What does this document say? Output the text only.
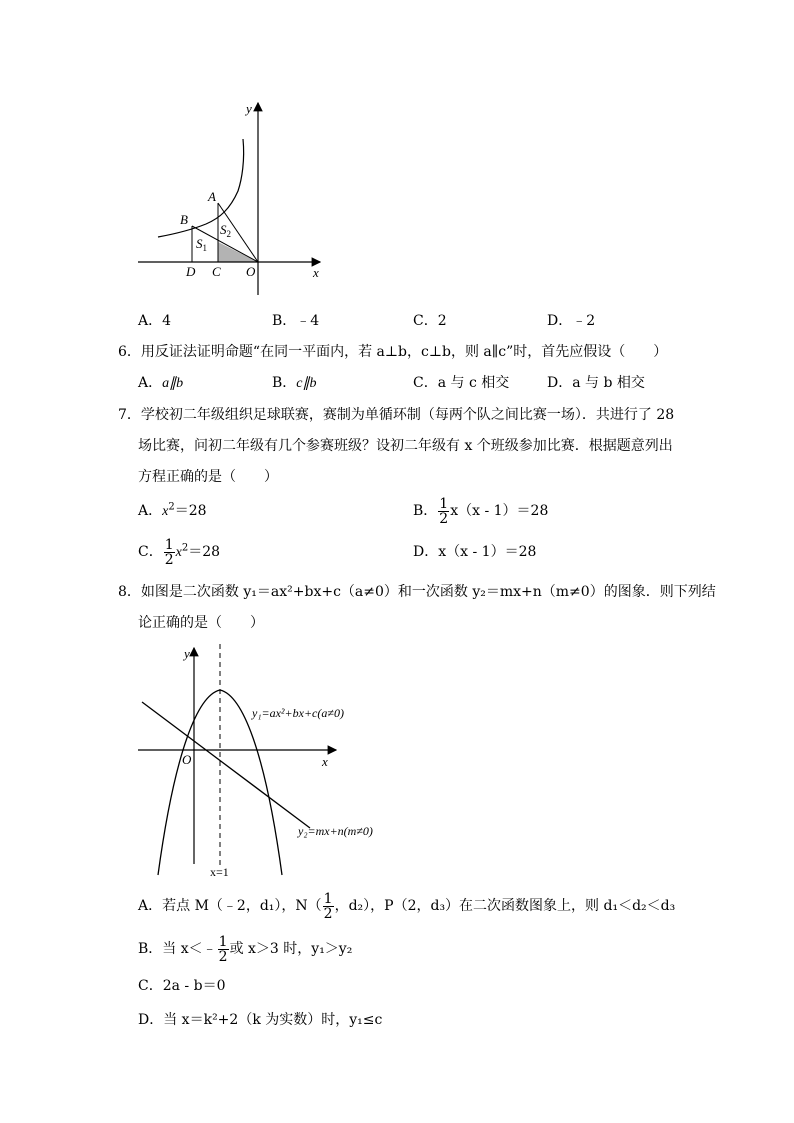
y
x
A
B
D C O
$S_1$
$S_2$
A．4	B．﹣4	C．2	D．﹣2
6．用反证法证明命题“在同一平面内，若 a⊥b，c⊥b，则 a∥c”时，首先应假设（　　）
A．a∥b	B．c∥b	C．a 与 c 相交	D．a 与 b 相交
7．学校初二年级组织足球联赛，赛制为单循环制（每两个队之间比赛一场）．共进行了 28
场比赛，问初二年级有几个参赛班级？设初二年级有 x 个班级参加比赛．根据题意列出
方程正确的是（　　）
A．$x^2=28$	B． $\frac{1}{2} x(x - 1)=28$
C． $\frac{1}{2} x^2=28$	D．x（x - 1）＝28
8．如图是二次函数 y₁＝ax²+bx+c（a≠0）和一次函数 y₂＝mx+n（m≠0）的图象．则下列结
论正确的是（　　）
y
x
O
x=1
y₁=ax²+bx+c(a≠0)
y₂=mx+n(m≠0)
A．若点 M（﹣2，d₁），$N( \frac{1}{2}$ ，d₂），P（2，d₃）在二次函数图象上，则 d₁＜d₂＜d₃
B．当 x＜﹣ $\frac{1}{2}$ 或 x＞3 时，y₁＞y₂
C．2a - b＝0
D．当 x＝k²+2（k 为实数）时，y₁≤c
